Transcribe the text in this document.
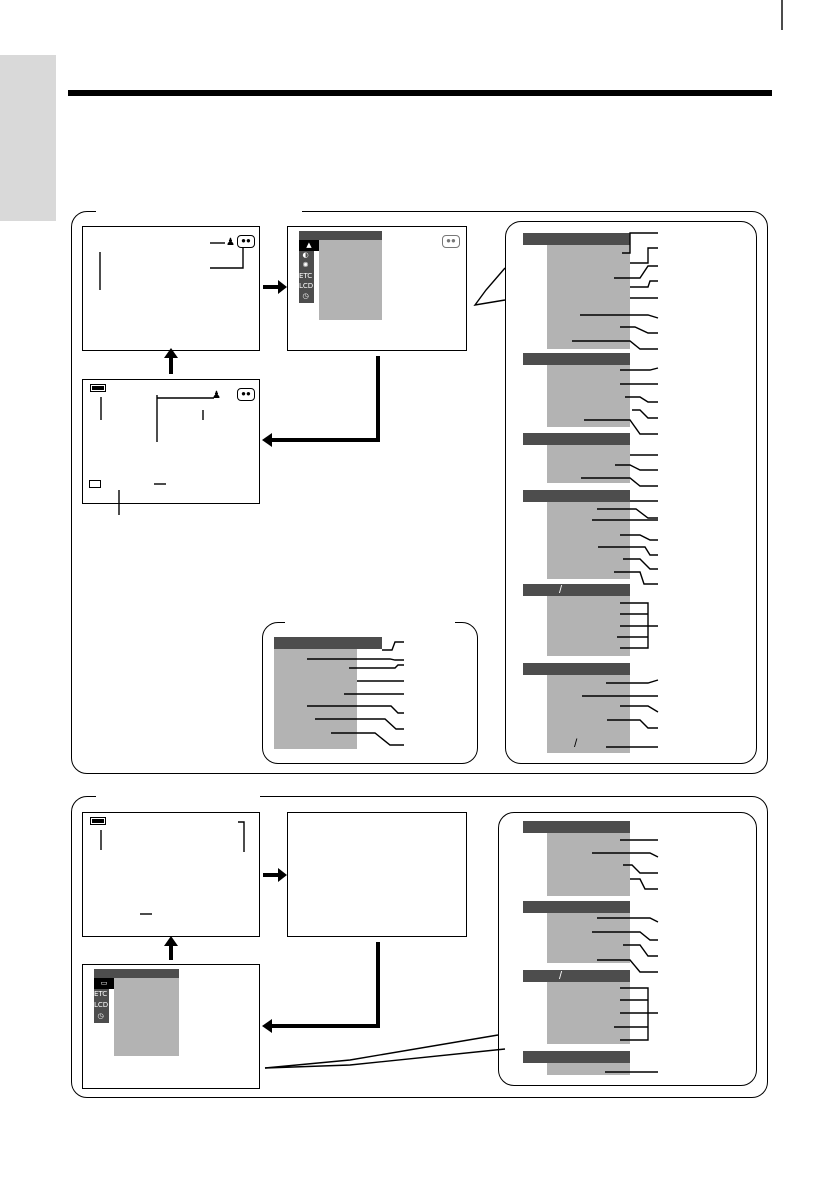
●●
♟	▲
◐
✺
ETC
LCD
◷
●●
●●
♟
/
/
▭
ETC
LCD
◷
/
